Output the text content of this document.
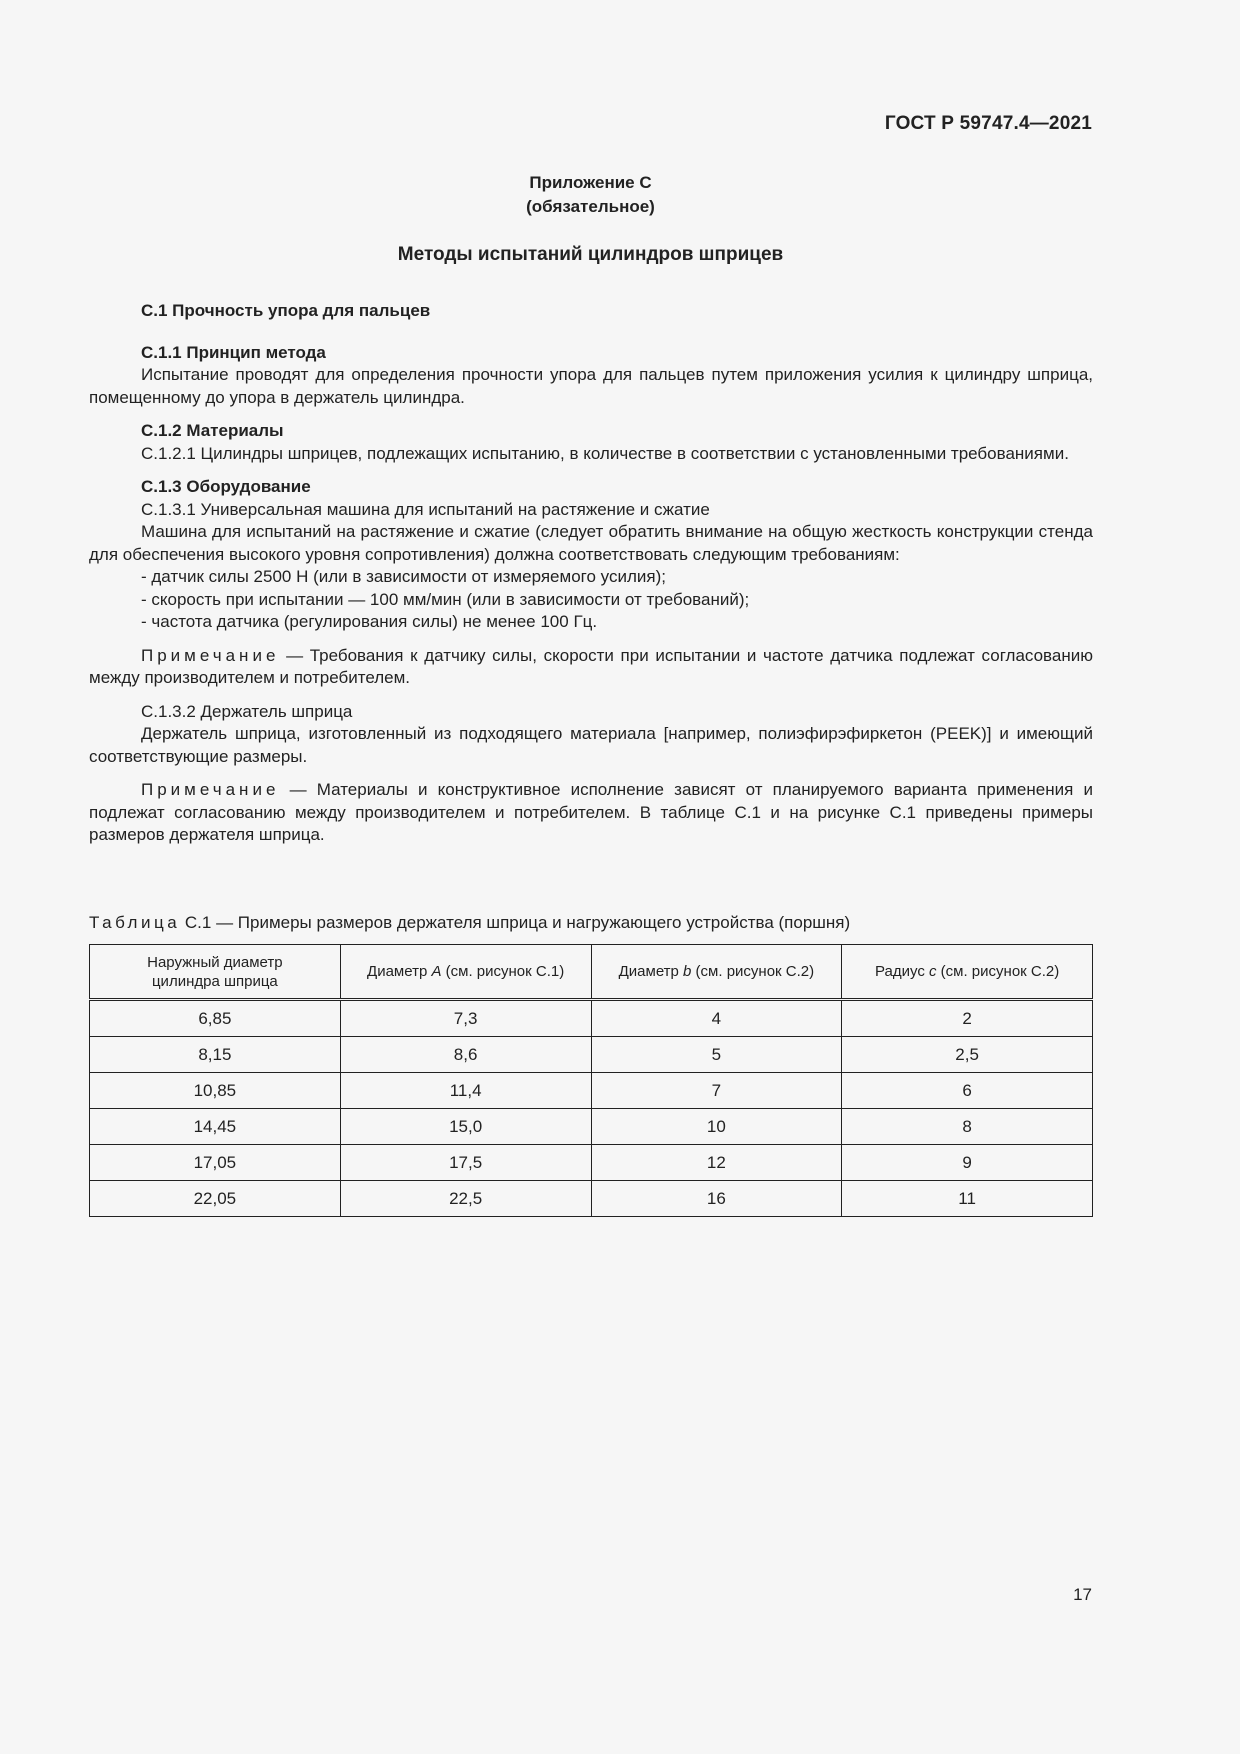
ГОСТ Р 59747.4—2021
Приложение С
(обязательное)
Методы испытаний цилиндров шприцев

С.1 Прочность упора для пальцев

С.1.1 Принцип метода

Испытание проводят для определения прочности упора для пальцев путем приложения усилия к цилиндру шприца, помещенному до упора в держатель цилиндра.

С.1.2 Материалы

С.1.2.1 Цилиндры шприцев, подлежащих испытанию, в количестве в соответствии с установленными требованиями.

С.1.3 Оборудование

С.1.3.1 Универсальная машина для испытаний на растяжение и сжатие

Машина для испытаний на растяжение и сжатие (следует обратить внимание на общую жесткость конструкции стенда для обеспечения высокого уровня сопротивления) должна соответствовать следующим требованиям:

- датчик силы 2500 Н (или в зависимости от измеряемого усилия);

- скорость при испытании — 100 мм/мин (или в зависимости от требований);

- частота датчика (регулирования силы) не менее 100 Гц.

Примечание — Требования к датчику силы, скорости при испытании и частоте датчика подлежат согласованию между производителем и потребителем.

С.1.3.2 Держатель шприца

Держатель шприца, изготовленный из подходящего материала [например, полиэфирэфиркетон (PEEK)] и имеющий соответствующие размеры.

Примечание — Материалы и конструктивное исполнение зависят от планируемого варианта применения и подлежат согласованию между производителем и потребителем. В таблице С.1 и на рисунке С.1 приведены примеры размеров держателя шприца.

Таблица С.1 — Примеры размеров держателя шприца и нагружающего устройства (поршня)
Наружный диаметр цилиндра шприца	Диаметр A (см. рисунок С.1)	Диаметр b (см. рисунок С.2)	Радиус c (см. рисунок С.2)
6,85	7,3	4	2
8,15	8,6	5	2,5
10,85	11,4	7	6
14,45	15,0	10	8
17,05	17,5	12	9
22,05	22,5	16	11
17
